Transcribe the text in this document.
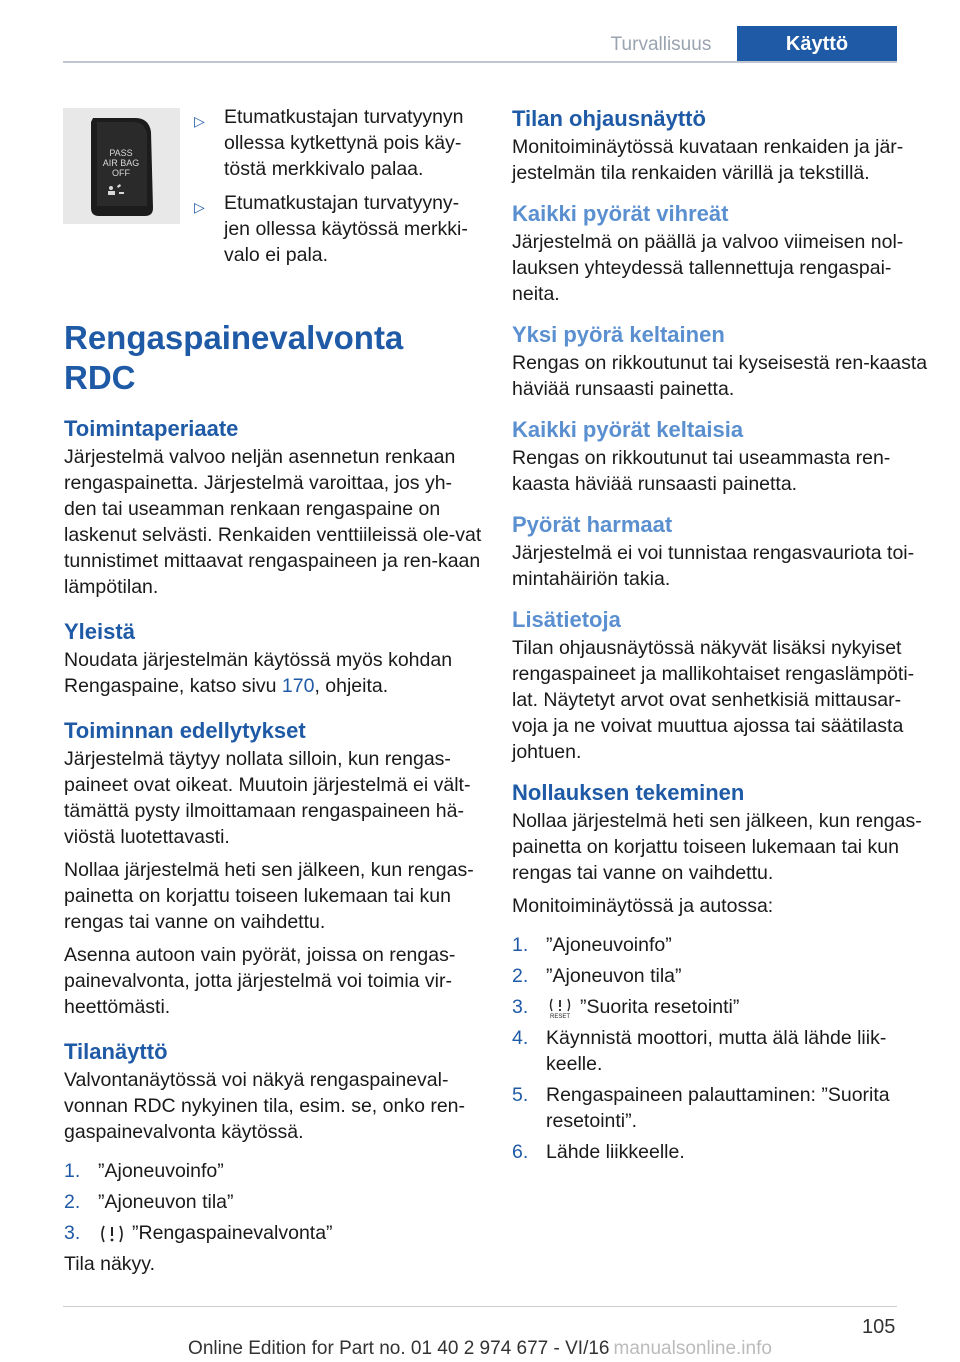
Turvallisuus	Käyttö
PASS
AIR BAG
OFF
▷ Etumatkustajan turvatyynyn ollessa kytkettynä pois käy-töstä merkkivalo palaa.
▷ Etumatkustajan turvatyyny-jen ollessa käytössä merkki-valo ei pala.
Rengaspainevalvonta RDC
Toimintaperiaate

Järjestelmä valvoo neljän asennetun renkaan rengaspainetta. Järjestelmä varoittaa, jos yh-den tai useamman renkaan rengaspaine on laskenut selvästi. Renkaiden venttiileissä ole-vat tunnistimet mittaavat rengaspaineen ja ren-kaan lämpötilan.

Yleistä

Noudata järjestelmän käytössä myös kohdan Rengaspaine, katso sivu 170, ohjeita.

Toiminnan edellytykset

Järjestelmä täytyy nollata silloin, kun rengas-paineet ovat oikeat. Muutoin järjestelmä ei vält-tämättä pysty ilmoittamaan rengaspaineen hä-viöstä luotettavasti.

Nollaa järjestelmä heti sen jälkeen, kun rengas-painetta on korjattu toiseen lukemaan tai kun rengas tai vanne on vaihdettu.

Asenna autoon vain pyörät, joissa on rengas-painevalvonta, jotta järjestelmä voi toimia vir-heettömästi.

Tilanäyttö

Valvontanäytössä voi näkyä rengaspaineval-vonnan RDC nykyinen tila, esim. se, onko ren-gaspainevalvonta käytössä.

1. ”Ajoneuvoinfo”
2. ”Ajoneuvon tila”
3.	”Rengaspainevalvonta”

Tila näkyy.

Tilan ohjausnäyttö

Monitoiminäytössä kuvataan renkaiden ja jär-jestelmän tila renkaiden värillä ja tekstillä.

Kaikki pyörät vihreät

Järjestelmä on päällä ja valvoo viimeisen nol-lauksen yhteydessä tallennettuja rengaspai-neita.

Yksi pyörä keltainen

Rengas on rikkoutunut tai kyseisestä ren-kaasta häviää runsaasti painetta.

Kaikki pyörät keltaisia

Rengas on rikkoutunut tai useammasta ren-kaasta häviää runsaasti painetta.

Pyörät harmaat

Järjestelmä ei voi tunnistaa rengasvauriota toi-mintahäiriön takia.

Lisätietoja

Tilan ohjausnäytössä näkyvät lisäksi nykyiset rengaspaineet ja mallikohtaiset rengaslämpöti-lat. Näytetyt arvot ovat senhetkisiä mittausar-voja ja ne voivat muuttua ajossa tai säätilasta johtuen.

Nollauksen tekeminen

Nollaa järjestelmä heti sen jälkeen, kun rengas-painetta on korjattu toiseen lukemaan tai kun rengas tai vanne on vaihdettu.

Monitoiminäytössä ja autossa:

1. ”Ajoneuvoinfo”
2. ”Ajoneuvon tila”
3.	RESET ”Suorita resetointi”
4. Käynnistä moottori, mutta älä lähde liik-keelle.
5. Rengaspaineen palauttaminen: ”Suorita resetointi”.
6. Lähde liikkeelle.
105
Online Edition for Part no. 01 40 2 974 677 - VI/16 manualsonline.info
